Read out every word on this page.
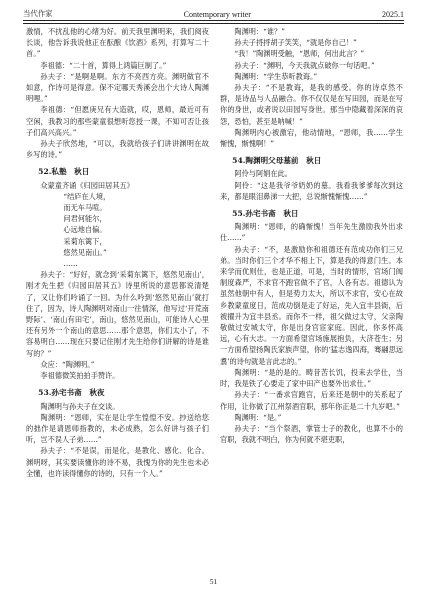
当代作家	Contemporary writer	2025.1

激情，不扰乱他的心绪为好。前天我里渊明来，我们阅夜长谈，他告诉我说他正在酝酿《饮酒》系列，打算写二十首。”

李祖德：“二十首，算得上鸿篇巨制了。”

孙夫子：“是啊是啊。东方不亮西方亮。渊明做官不如意，作诗可是得意。保不定哪天秀溪会出个大诗人陶渊明哩。”

李祖德：“但愿庚兄有大造就，哎，恩师，最近可有空闲，我教习的那些蒙童很想听您授一课，不知可否让孩子们高兴高兴。”

孙夫子欣然地，“可以，我就给孩子们讲讲渊明在故乡写的诗。”

52.私塾　秋日

众蒙童齐诵《归园田居其五》

“结庐在人境，

而无车马喧。

问君何能尔，

心远地自偏。

采菊东篱下，

悠然见南山。”

……

孙夫子：“好好，就念到‘采菊东篱下，悠然见南山’，刚才先生把《归园田居其五》诗里所说的意思都说清楚了，又让你们吟诵了一回。为什么吟到‘悠然见南山’就打住了，因为，诗人陶渊明对南山一往情深，他写过‘开荒南野际’、‘南山有田宅’，南山，悠然见南山，可能诗人心里还有另外一个南山的意思……那个意思，你们太小了，不容易明白……现在只要记住刚才先生给你们讲解的诗是谁写的？”

众应：“陶渊明。”

李祖德微笑拍拍手赞许。

53.孙宅书斋　秋夜

陶渊明与孙夫子在交谈。

陶渊明：“恩师，实在是让学生惶惶不安。抄送给您的拙作是请恩师指教的，未必成熟，怎么好讲与孩子们听，岂不误人子弟……”

孙夫子：“不是误，而是化，是教化、感化、化合。渊明呀，其实要读懂你的诗不易，我愧为你的先生也未必全懂，也许读得懂你的诗的，只有一个人。”

陶渊明：“谁？”

孙夫子捋捋胡子笑笑，“就是你自己！”

“我！”陶渊明受触，“恩师，何出此言？”

孙夫子：“渊明，今天我就点破你一句话吧。”

陶渊明：“学生恭听教诲。”

孙夫子：“不是教诲，是我的感受。你的诗卓然不群，是诗品与人品融合。你不仅仅是在写田园，而是在写你的身世，或者说以田园写身世。那当中隐藏着深深的哀怨，恐怕，甚至是呐喊！”

陶渊明内心被激宕，他动情地，“恩师，我……学生惭愧，惭愧啊！”

54.陶渊明父母墓前　秋日

阿伶与阿娟在此。

阿伶：“这是我爷爷奶奶的墓。我看我爹爹每次到这来，都是眼泪鼻涕一大把，总说惭愧惭愧……”

55.孙宅书斋　秋日

陶渊明：“恩师，的确惭愧！当年先生激励我外出求仕……”

孙夫子：“不，是激励你和祖德还有范成功你们三兄弟。当时你们三个才华不相上下，算是我的得意门生。本来学而优则仕，也是正道，可是，当时的情形，官场门阀制度森严，不求官不跑官做不了官，人各有志。祖德认为虽然他朝中有人，但是势力太大，所以不求官，安心在故乡教蒙童度日，范成功倒是走了好运，先入宜丰县衙，后被擢升为宜丰县丞。而你不一样，祖父做过太守，父亲陶敬做过安城太守，你是出身官宦家庭。因此，你多怀高远，心有大志。一方面希望官场施展抱负，大济苍生；另一方面希望扬陶氏家族声望，你的‘猛志逸四海，骞翮思远翥’的诗句就是言此志的。”

陶渊明：“是的是的。畴昔苦长饥，投耒去学仕，当时，我是铁了心要走了家中田产也要外出求仕。”

孙夫子：“一番求官跑官，后来还是朝中的关系起了作用，让你做了江州祭酒官职，那年你正是二十九岁吧。”

陶渊明：“是。”

孙夫子：“当个祭酒，掌管士子的教化，也算不小的官职，我就不明白，你为何就不堪吏职，

51
